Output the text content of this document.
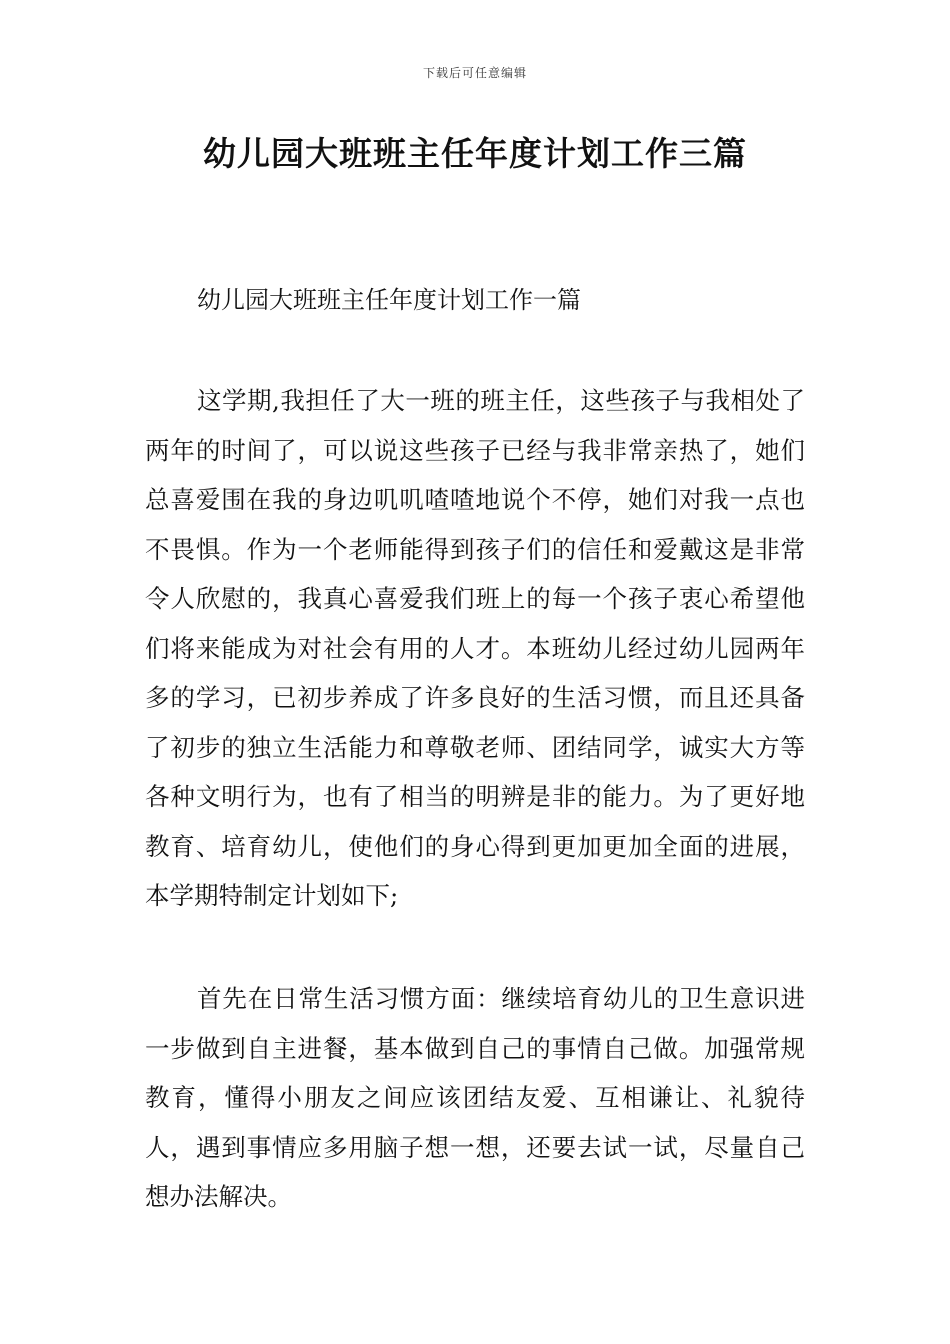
下载后可任意编辑
幼儿园大班班主任年度计划工作三篇
幼儿园大班班主任年度计划工作一篇
这学期,我担任了大一班的班主任，这些孩子与我相处了两年的时间了，可以说这些孩子已经与我非常亲热了，她们总喜爱围在我的身边叽叽喳喳地说个不停，她们对我一点也不畏惧。作为一个老师能得到孩子们的信任和爱戴这是非常令人欣慰的，我真心喜爱我们班上的每一个孩子衷心希望他们将来能成为对社会有用的人才。本班幼儿经过幼儿园两年多的学习，已初步养成了许多良好的生活习惯，而且还具备了初步的独立生活能力和尊敬老师、团结同学，诚实大方等各种文明行为，也有了相当的明辨是非的能力。为了更好地教育、培育幼儿，使他们的身心得到更加更加全面的进展，本学期特制定计划如下;
首先在日常生活习惯方面：继续培育幼儿的卫生意识进一步做到自主进餐，基本做到自己的事情自己做。加强常规教育，懂得小朋友之间应该团结友爱、互相谦让、礼貌待人，遇到事情应多用脑子想一想，还要去试一试，尽量自己想办法解决。
